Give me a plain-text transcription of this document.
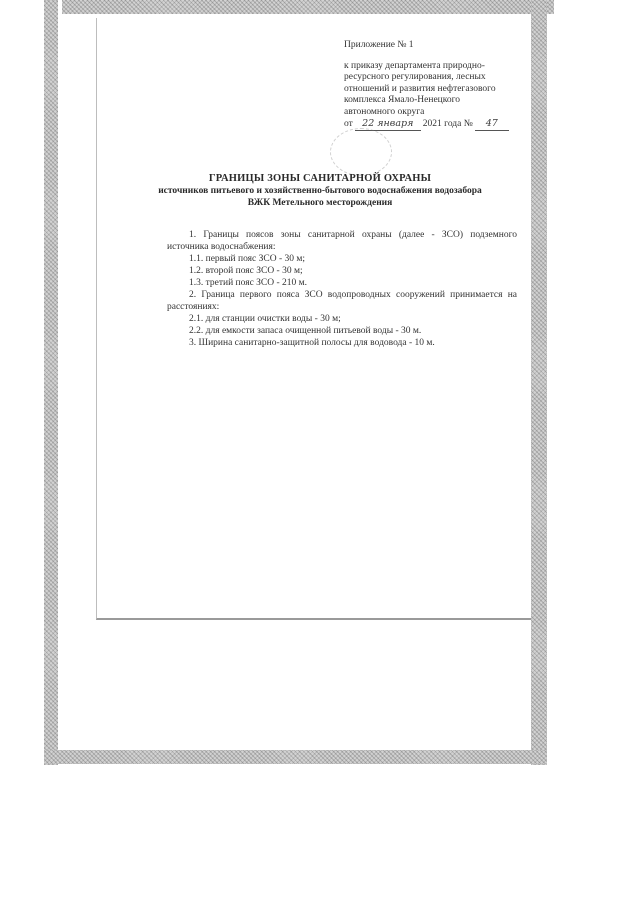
Приложение № 1
к приказу департамента природно-
ресурсного регулирования, лесных
отношений и развития нефтегазового
комплекса Ямало-Ненецкого
автономного округа
от 22 января 2021 года №	47
ГРАНИЦЫ ЗОНЫ САНИТАРНОЙ ОХРАНЫ
источников питьевого и хозяйственно-бытового водоснабжения водозабора
ВЖК Метельного месторождения

1. Границы поясов зоны санитарной охраны (далее - ЗСО) подземного источника водоснабжения:

1.1. первый пояс ЗСО - 30 м;

1.2. второй пояс ЗСО - 30 м;

1.3. третий пояс ЗСО - 210 м.

2. Граница первого пояса ЗСО водопроводных сооружений принимается на расстояниях:

2.1. для станции очистки воды - 30 м;

2.2. для емкости запаса очищенной питьевой воды - 30 м.

3. Ширина санитарно-защитной полосы для водовода - 10 м.
